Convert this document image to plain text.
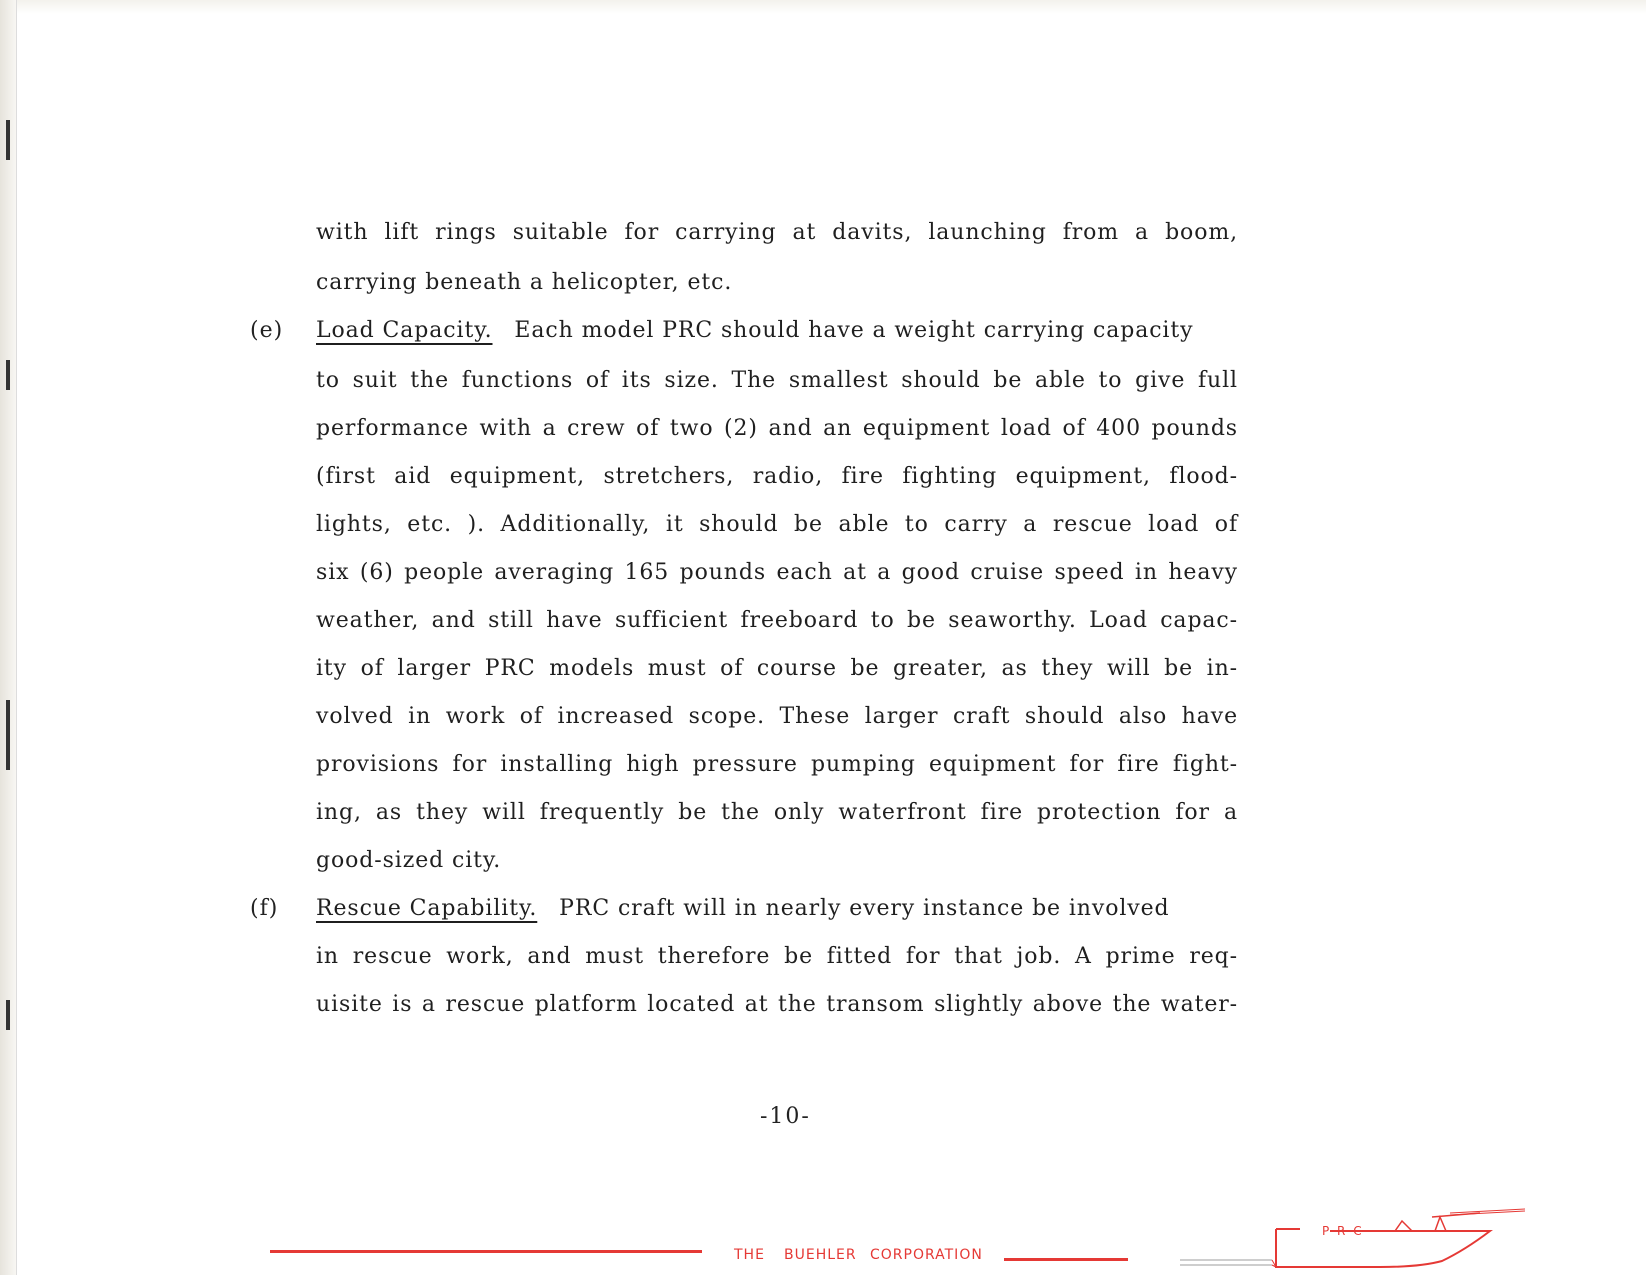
with lift rings suitable for carrying at davits, launching from a boom,
carrying beneath a helicopter, etc.
(e) Load Capacity. Each model PRC should have a weight carrying capacity
to suit the functions of its size. The smallest should be able to give full
performance with a crew of two (2) and an equipment load of 400 pounds
(first aid equipment, stretchers, radio, fire fighting equipment, flood-
lights, etc. ). Additionally, it should be able to carry a rescue load of
six (6) people averaging 165 pounds each at a good cruise speed in heavy
weather, and still have sufficient freeboard to be seaworthy. Load capac-
ity of larger PRC models must of course be greater, as they will be in-
volved in work of increased scope. These larger craft should also have
provisions for installing high pressure pumping equipment for fire fight-
ing, as they will frequently be the only waterfront fire protection for a
good-sized city.
(f) Rescue Capability. PRC craft will in nearly every instance be involved
in rescue work, and must therefore be fitted for that job. A prime req-
uisite is a rescue platform located at the transom slightly above the water-
-10-
THE BUEHLER CORPORATION
P R C
